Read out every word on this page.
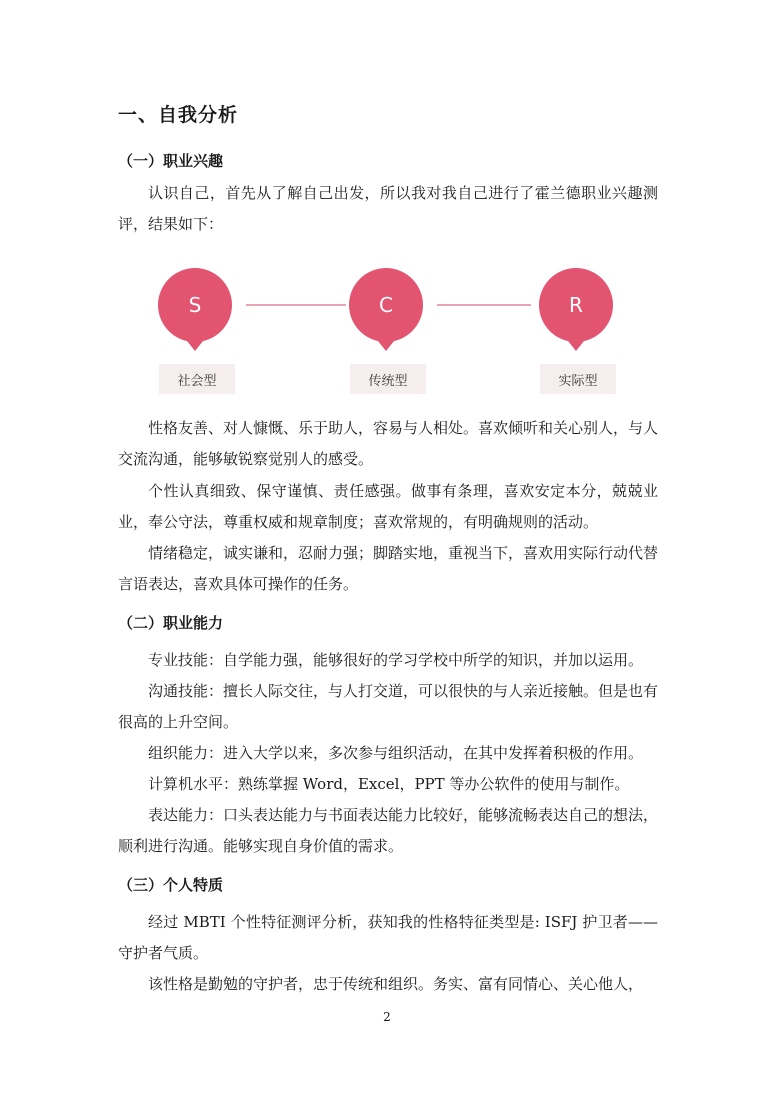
一、自我分析
（一）职业兴趣
认识自己，首先从了解自己出发，所以我对我自己进行了霍兰德职业兴趣测评，结果如下：
S	C	R
社会型	传统型	实际型
性格友善、对人慷慨、乐于助人，容易与人相处。喜欢倾听和关心别人，与人交流沟通，能够敏锐察觉别人的感受。
个性认真细致、保守谨慎、责任感强。做事有条理，喜欢安定本分，兢兢业业，奉公守法，尊重权威和规章制度；喜欢常规的，有明确规则的活动。
情绪稳定，诚实谦和，忍耐力强；脚踏实地，重视当下，喜欢用实际行动代替言语表达，喜欢具体可操作的任务。
（二）职业能力
专业技能：自学能力强，能够很好的学习学校中所学的知识，并加以运用。
沟通技能：擅长人际交往，与人打交道，可以很快的与人亲近接触。但是也有很高的上升空间。
组织能力：进入大学以来，多次参与组织活动，在其中发挥着积极的作用。
计算机水平：熟练掌握 Word，Excel，PPT 等办公软件的使用与制作。
表达能力：口头表达能力与书面表达能力比较好，能够流畅表达自己的想法，顺利进行沟通。能够实现自身价值的需求。
（三）个人特质
经过 MBTI 个性特征测评分析，获知我的性格特征类型是: ISFJ 护卫者——守护者气质。
该性格是勤勉的守护者，忠于传统和组织。务实、富有同情心、关心他人，
2
